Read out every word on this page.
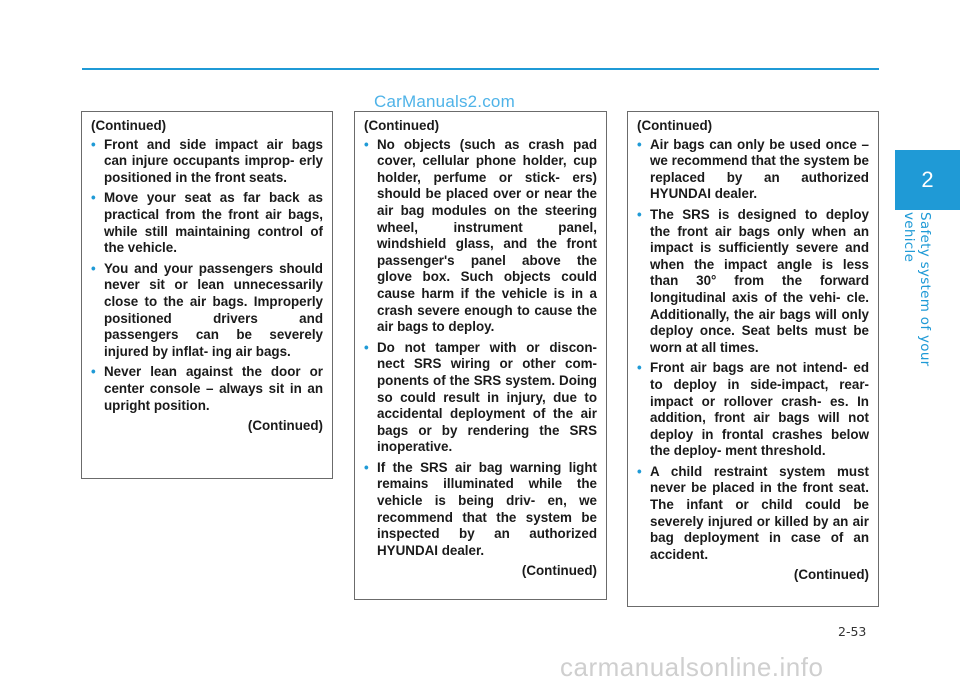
CarManuals2.com
2
Safety system of your vehicle
(Continued)
• Front and side impact air bags can injure occupants improp- erly positioned in the front seats.
• Move your seat as far back as practical from the front air bags, while still maintaining control of the vehicle.
• You and your passengers should never sit or lean unnecessarily close to the air bags. Improperly positioned drivers and passengers can be severely injured by inflat- ing air bags.
• Never lean against the door or center console – always sit in an upright position.
(Continued)
(Continued)
• No objects (such as crash pad cover, cellular phone holder, cup holder, perfume or stick- ers) should be placed over or near the air bag modules on the steering wheel, instrument panel, windshield glass, and the front passenger's panel above the glove box. Such objects could cause harm if the vehicle is in a crash severe enough to cause the air bags to deploy.
• Do not tamper with or discon- nect SRS wiring or other com- ponents of the SRS system. Doing so could result in injury, due to accidental deployment of the air bags or by rendering the SRS inoperative.
• If the SRS air bag warning light remains illuminated while the vehicle is being driv- en, we recommend that the system be inspected by an authorized HYUNDAI dealer.
(Continued)
(Continued)
• Air bags can only be used once – we recommend that the system be replaced by an authorized HYUNDAI dealer.
• The SRS is designed to deploy the front air bags only when an impact is sufficiently severe and when the impact angle is less than 30° from the forward longitudinal axis of the vehi- cle. Additionally, the air bags will only deploy once. Seat belts must be worn at all times.
• Front air bags are not intend- ed to deploy in side-impact, rear-impact or rollover crash- es. In addition, front air bags will not deploy in frontal crashes below the deploy- ment threshold.
• A child restraint system must never be placed in the front seat. The infant or child could be severely injured or killed by an air bag deployment in case of an accident.
(Continued)
2-53
carmanualsonline.info
